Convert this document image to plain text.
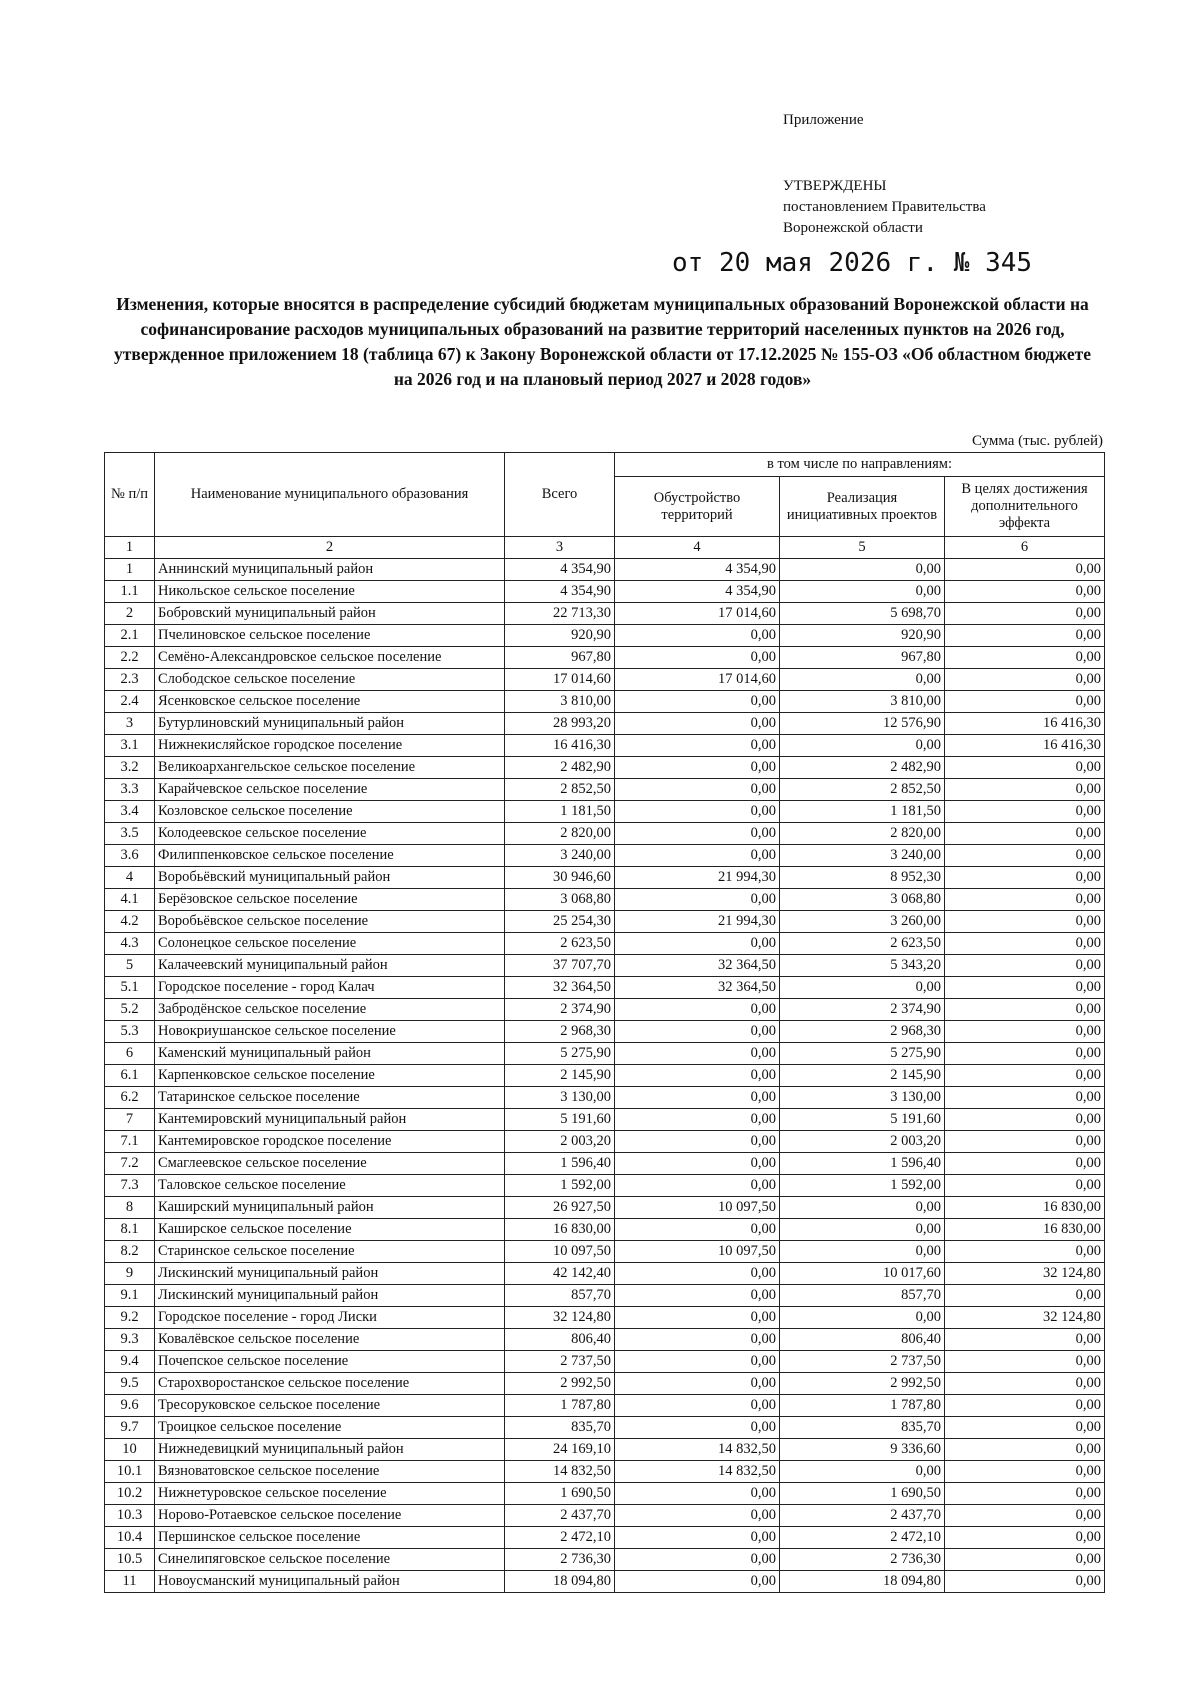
Приложение
УТВЕРЖДЕНЫ
постановлением Правительства
Воронежской области
от 20 мая 2026 г. № 345
Изменения, которые вносятся в распределение субсидий бюджетам муниципальных образований Воронежской области на софинансирование расходов муниципальных образований на развитие территорий населенных пунктов на 2026 год, утвержденное приложением 18 (таблица 67) к Закону Воронежской области от 17.12.2025 № 155-ОЗ «Об областном бюджете на 2026 год и на плановый период 2027 и 2028 годов»
Сумма (тыс. рублей)
№ п/п	Наименование муниципального образования	Всего	в том числе по направлениям:		
			Обустройство территорий	Реализация инициативных проектов	В целях достижения дополнительного эффекта
1	2	3	4	5	6
1	Аннинский муниципальный район	4 354,90	4 354,90	0,00	0,00
1.1	Никольское сельское поселение	4 354,90	4 354,90	0,00	0,00
2	Бобровский муниципальный район	22 713,30	17 014,60	5 698,70	0,00
2.1	Пчелиновское сельское поселение	920,90	0,00	920,90	0,00
2.2	Семёно-Александровское сельское поселение	967,80	0,00	967,80	0,00
2.3	Слободское сельское поселение	17 014,60	17 014,60	0,00	0,00
2.4	Ясенковское сельское поселение	3 810,00	0,00	3 810,00	0,00
3	Бутурлиновский муниципальный район	28 993,20	0,00	12 576,90	16 416,30
3.1	Нижнекисляйское городское поселение	16 416,30	0,00	0,00	16 416,30
3.2	Великоархангельское сельское поселение	2 482,90	0,00	2 482,90	0,00
3.3	Карайчевское сельское поселение	2 852,50	0,00	2 852,50	0,00
3.4	Козловское сельское поселение	1 181,50	0,00	1 181,50	0,00
3.5	Колодеевское сельское поселение	2 820,00	0,00	2 820,00	0,00
3.6	Филиппенковское сельское поселение	3 240,00	0,00	3 240,00	0,00
4	Воробьёвский муниципальный район	30 946,60	21 994,30	8 952,30	0,00
4.1	Берёзовское сельское поселение	3 068,80	0,00	3 068,80	0,00
4.2	Воробьёвское сельское поселение	25 254,30	21 994,30	3 260,00	0,00
4.3	Солонецкое сельское поселение	2 623,50	0,00	2 623,50	0,00
5	Калачеевский муниципальный район	37 707,70	32 364,50	5 343,20	0,00
5.1	Городское поселение - город Калач	32 364,50	32 364,50	0,00	0,00
5.2	Забродёнское сельское поселение	2 374,90	0,00	2 374,90	0,00
5.3	Новокриушанское сельское поселение	2 968,30	0,00	2 968,30	0,00
6	Каменский муниципальный район	5 275,90	0,00	5 275,90	0,00
6.1	Карпенковское сельское поселение	2 145,90	0,00	2 145,90	0,00
6.2	Татаринское сельское поселение	3 130,00	0,00	3 130,00	0,00
7	Кантемировский муниципальный район	5 191,60	0,00	5 191,60	0,00
7.1	Кантемировское городское поселение	2 003,20	0,00	2 003,20	0,00
7.2	Смаглеевское сельское поселение	1 596,40	0,00	1 596,40	0,00
7.3	Таловское сельское поселение	1 592,00	0,00	1 592,00	0,00
8	Каширский муниципальный район	26 927,50	10 097,50	0,00	16 830,00
8.1	Каширское сельское поселение	16 830,00	0,00	0,00	16 830,00
8.2	Старинское сельское поселение	10 097,50	10 097,50	0,00	0,00
9	Лискинский муниципальный район	42 142,40	0,00	10 017,60	32 124,80
9.1	Лискинский муниципальный район	857,70	0,00	857,70	0,00
9.2	Городское поселение - город Лиски	32 124,80	0,00	0,00	32 124,80
9.3	Ковалёвское сельское поселение	806,40	0,00	806,40	0,00
9.4	Почепское сельское поселение	2 737,50	0,00	2 737,50	0,00
9.5	Старохворостанское сельское поселение	2 992,50	0,00	2 992,50	0,00
9.6	Тресоруковское сельское поселение	1 787,80	0,00	1 787,80	0,00
9.7	Троицкое сельское поселение	835,70	0,00	835,70	0,00
10	Нижнедевицкий муниципальный район	24 169,10	14 832,50	9 336,60	0,00
10.1	Вязноватовское сельское поселение	14 832,50	14 832,50	0,00	0,00
10.2	Нижнетуровское сельское поселение	1 690,50	0,00	1 690,50	0,00
10.3	Норово-Ротаевское сельское поселение	2 437,70	0,00	2 437,70	0,00
10.4	Першинское сельское поселение	2 472,10	0,00	2 472,10	0,00
10.5	Синелипяговское сельское поселение	2 736,30	0,00	2 736,30	0,00
11	Новоусманский муниципальный район	18 094,80	0,00	18 094,80	0,00
